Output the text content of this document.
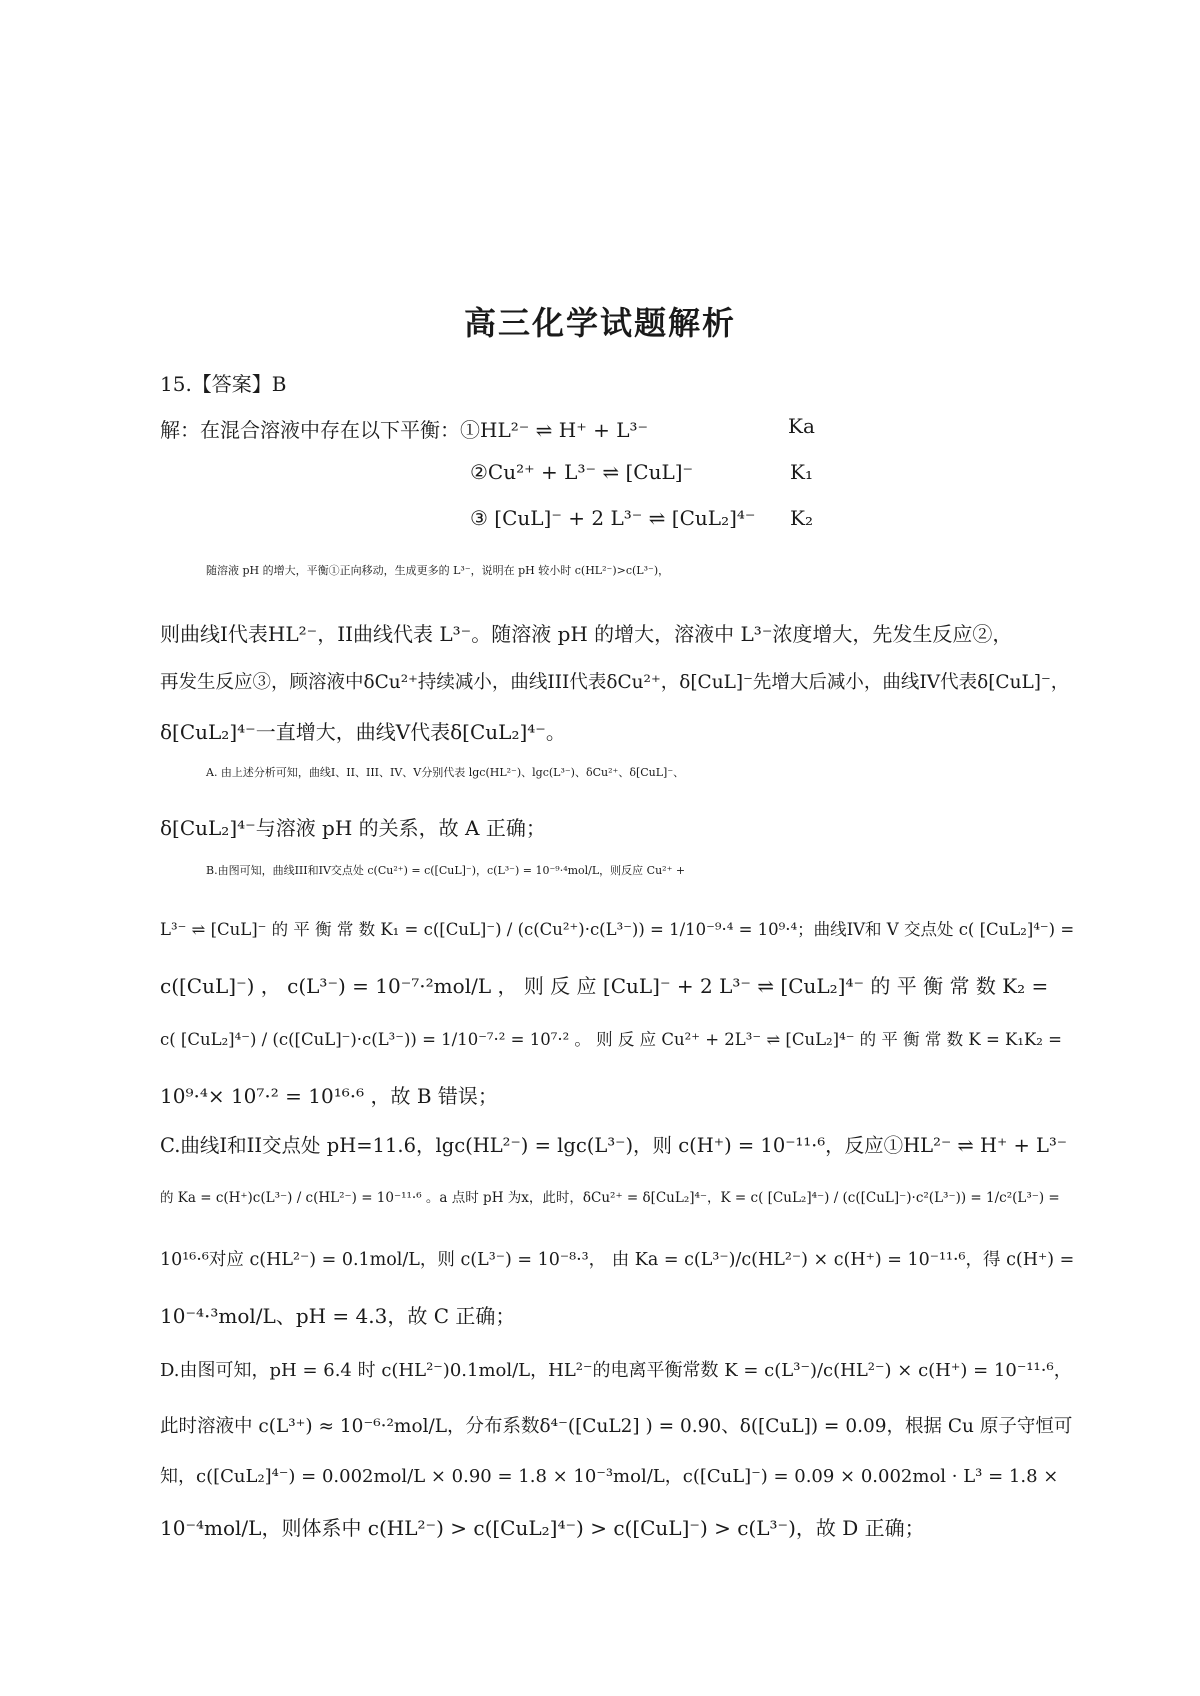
高三化学试题解析
15.【答案】B
解：在混合溶液中存在以下平衡：①HL²⁻ ⇌ H⁺ + L³⁻	Ka
②Cu²⁺ + L³⁻ ⇌ [CuL]⁻	K₁
③ [CuL]⁻ + 2 L³⁻ ⇌ [CuL₂]⁴⁻ K₂
随溶液 pH 的增大，平衡①正向移动，生成更多的 L³⁻，说明在 pH 较小时 c(HL²⁻)>c(L³⁻)，
则曲线I代表HL²⁻，II曲线代表 L³⁻。随溶液 pH 的增大，溶液中 L³⁻浓度增大，先发生反应②，
再发生反应③，顾溶液中δCu²⁺持续减小，曲线III代表δCu²⁺，δ[CuL]⁻先增大后减小，曲线IV代表δ[CuL]⁻，
δ[CuL₂]⁴⁻一直增大，曲线V代表δ[CuL₂]⁴⁻。
A. 由上述分析可知，曲线I、II、III、IV、V分别代表 lgc(HL²⁻)、lgc(L³⁻)、δCu²⁺、δ[CuL]⁻、
δ[CuL₂]⁴⁻与溶液 pH 的关系，故 A 正确；
B.由图可知，曲线III和IV交点处 c(Cu²⁺) = c([CuL]⁻)，c(L³⁻) = 10⁻⁹·⁴mol/L，则反应 Cu²⁺ +
L³⁻ ⇌ [CuL]⁻ 的 平 衡 常 数 K₁ = c([CuL]⁻) / (c(Cu²⁺)·c(L³⁻)) = 1/10⁻⁹·⁴ = 10⁹·⁴；曲线IV和 V 交点处 c( [CuL₂]⁴⁻) =
c([CuL]⁻) ， c(L³⁻) = 10⁻⁷·²mol/L ， 则 反 应 [CuL]⁻ + 2 L³⁻ ⇌ [CuL₂]⁴⁻ 的 平 衡 常 数 K₂ =
c( [CuL₂]⁴⁻) / (c([CuL]⁻)·c(L³⁻)) = 1/10⁻⁷·² = 10⁷·² 。 则 反 应 Cu²⁺ + 2L³⁻ ⇌ [CuL₂]⁴⁻ 的 平 衡 常 数 K = K₁K₂ =
10⁹·⁴× 10⁷·² = 10¹⁶·⁶ ，故 B 错误；
C.曲线I和II交点处 pH=11.6，lgc(HL²⁻) = lgc(L³⁻)，则 c(H⁺) = 10⁻¹¹·⁶，反应①HL²⁻ ⇌ H⁺ + L³⁻
的 Ka = c(H⁺)c(L³⁻) / c(HL²⁻) = 10⁻¹¹·⁶ 。a 点时 pH 为x，此时，δCu²⁺ = δ[CuL₂]⁴⁻，K = c( [CuL₂]⁴⁻) / (c([CuL]⁻)·c²(L³⁻)) = 1/c²(L³⁻) =
10¹⁶·⁶对应 c(HL²⁻) = 0.1mol/L，则 c(L³⁻) = 10⁻⁸·³， 由 Ka = c(L³⁻)/c(HL²⁻) × c(H⁺) = 10⁻¹¹·⁶，得 c(H⁺) =
10⁻⁴·³mol/L、pH = 4.3，故 C 正确；
D.由图可知，pH = 6.4 时 c(HL²⁻)0.1mol/L，HL²⁻的电离平衡常数 K = c(L³⁻)/c(HL²⁻) × c(H⁺) = 10⁻¹¹·⁶，
此时溶液中 c(L³⁺) ≈ 10⁻⁶·²mol/L，分布系数δ⁴⁻([CuL2] ) = 0.90、δ([CuL]) = 0.09，根据 Cu 原子守恒可
知，c([CuL₂]⁴⁻) = 0.002mol/L × 0.90 = 1.8 × 10⁻³mol/L，c([CuL]⁻) = 0.09 × 0.002mol · L³ = 1.8 ×
10⁻⁴mol/L，则体系中 c(HL²⁻) > c([CuL₂]⁴⁻) > c([CuL]⁻) > c(L³⁻)，故 D 正确；
